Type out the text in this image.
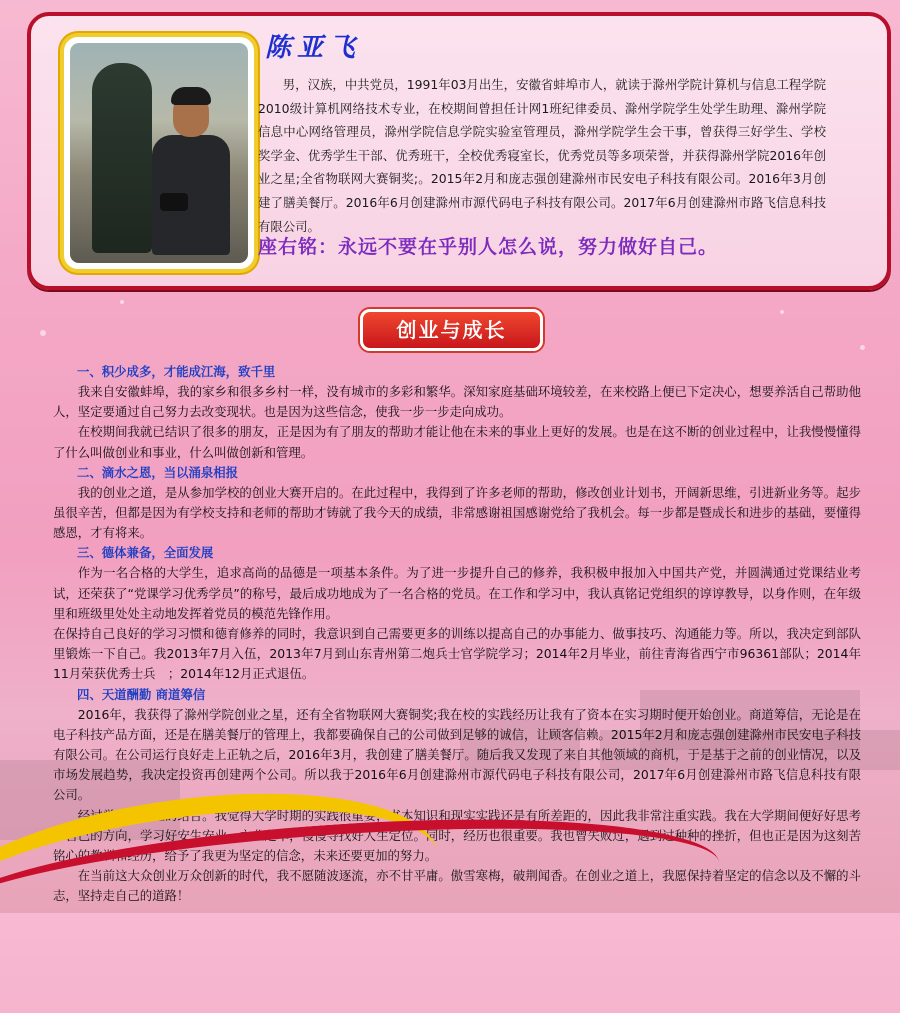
陈亚飞

男，汉族，中共党员，1991年03月出生，安徽省蚌埠市人，就读于滁州学院计算机与信息工程学院2010级计算机网络技术专业，在校期间曾担任计网1班纪律委员、滁州学院学生处学生助理、滁州学院信息中心网络管理员，滁州学院信息学院实验室管理员，滁州学院学生会干事，曾获得三好学生、学校奖学金、优秀学生干部、优秀班干，全校优秀寝室长，优秀党员等多项荣誉，并获得滁州学院2016年创业之星;全省物联网大赛铜奖;。2015年2月和庞志强创建滁州市民安电子科技有限公司。2016年3月创建了膳美餐厅。2016年6月创建滁州市源代码电子科技有限公司。2017年6月创建滁州市路飞信息科技有限公司。

座右铭：永远不要在乎别人怎么说，努力做好自己。

创业与成长
一、积少成多，才能成江海，致千里

我来自安徽蚌埠，我的家乡和很多乡村一样，没有城市的多彩和繁华。深知家庭基础环境较差，在来校路上便已下定决心，想要养活自己帮助他人，坚定要通过自己努力去改变现状。也是因为这些信念，使我一步一步走向成功。

在校期间我就已结识了很多的朋友，正是因为有了朋友的帮助才能让他在未来的事业上更好的发展。也是在这不断的创业过程中，让我慢慢懂得了什么叫做创业和事业，什么叫做创新和管理。

二、滴水之恩，当以涌泉相报

我的创业之道，是从参加学校的创业大赛开启的。在此过程中，我得到了许多老师的帮助，修改创业计划书，开阔新思维，引进新业务等。起步虽很辛苦，但都是因为有学校支持和老师的帮助才铸就了我今天的成绩，非常感谢祖国感谢党给了我机会。每一步都是暨成长和进步的基础，要懂得感恩，才有将来。

三、德体兼备，全面发展

作为一名合格的大学生，追求高尚的品德是一项基本条件。为了进一步提升自己的修养，我积极申报加入中国共产党，并圆满通过党课结业考试，还荣获了“党课学习优秀学员”的称号，最后成功地成为了一名合格的党员。在工作和学习中，我认真铭记党组织的谆谆教导，以身作则，在年级里和班级里处处主动地发挥着党员的模范先锋作用。

在保持自己良好的学习习惯和德育修养的同时，我意识到自己需要更多的训练以提高自己的办事能力、做事技巧、沟通能力等。所以，我决定到部队里锻炼一下自己。我2013年7月入伍，2013年7月到山东青州第二炮兵士官学院学习；2014年2月毕业，前往青海省西宁市96361部队；2014年11月荣获优秀士兵　；2014年12月正式退伍。

四、天道酬勤 商道筹信

2016年，我获得了滁州学院创业之星，还有全省物联网大赛铜奖;我在校的实践经历让我有了资本在实习期时便开始创业。商道筹信，无论是在电子科技产品方面，还是在膳美餐厅的管理上，我都要确保自己的公司做到足够的诚信，让顾客信赖。2015年2月和庞志强创建滁州市民安电子科技有限公司。在公司运行良好走上正轨之后，2016年3月，我创建了膳美餐厅。随后我又发现了来自其他领域的商机，于是基于之前的创业情况，以及市场发展趋势，我决定投资再创建两个公司。所以我于2016年6月创建滁州市源代码电子科技有限公司，2017年6月创建滁州市路飞信息科技有限公司。

经过学习和创业的结合。我觉得大学时期的实践很重要，书本知识和现实实践还是有所差距的，因此我非常注重实践。我在大学期间便好好思考了自己的方向，学习好安生安业，立业之本，慢慢寻找好人生定位。同时，经历也很重要。我也曾失败过，遇到过种种的挫折，但也正是因为这刻苦铭心的教训和经历，给予了我更为坚定的信念，未来还要更加的努力。

在当前这大众创业万众创新的时代，我不愿随波逐流，亦不甘平庸。傲雪寒梅，破荆闻香。在创业之道上，我愿保持着坚定的信念以及不懈的斗志，坚持走自己的道路！
